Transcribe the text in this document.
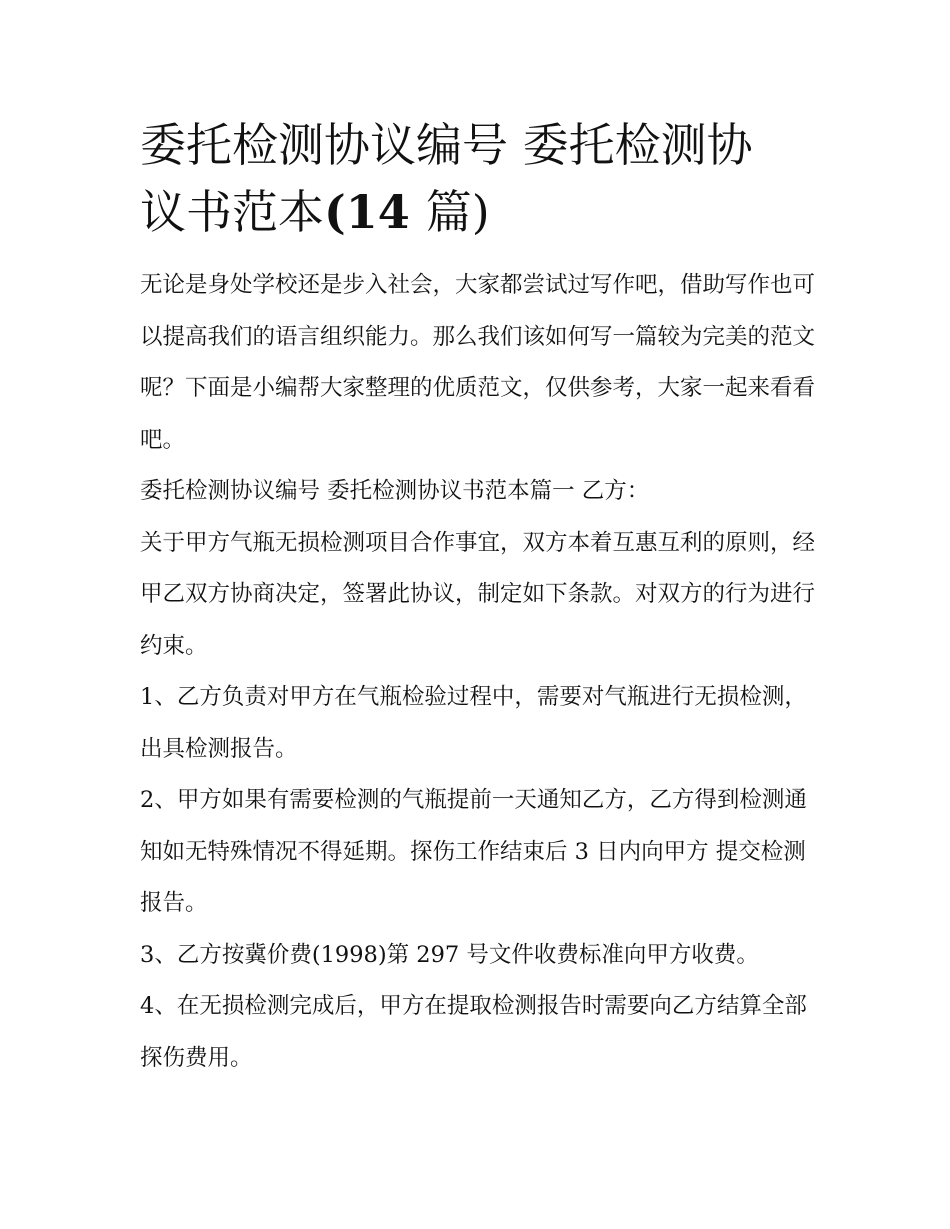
委托检测协议编号 委托检测协
议书范本(14 篇)

无论是身处学校还是步入社会，大家都尝试过写作吧，借助写作也可以提高我们的语言组织能力。那么我们该如何写一篇较为完美的范文呢？下面是小编帮大家整理的优质范文，仅供参考，大家一起来看看吧。

委托检测协议编号 委托检测协议书范本篇一 乙方：

关于甲方气瓶无损检测项目合作事宜，双方本着互惠互利的原则，经甲乙双方协商决定，签署此协议，制定如下条款。对双方的行为进行约束。

1、乙方负责对甲方在气瓶检验过程中，需要对气瓶进行无损检测，出具检测报告。

2、甲方如果有需要检测的气瓶提前一天通知乙方，乙方得到检测通知如无特殊情况不得延期。探伤工作结束后 3 日内向甲方 提交检测报告。

3、乙方按冀价费(1998)第 297 号文件收费标准向甲方收费。

4、在无损检测完成后，甲方在提取检测报告时需要向乙方结算全部探伤费用。
